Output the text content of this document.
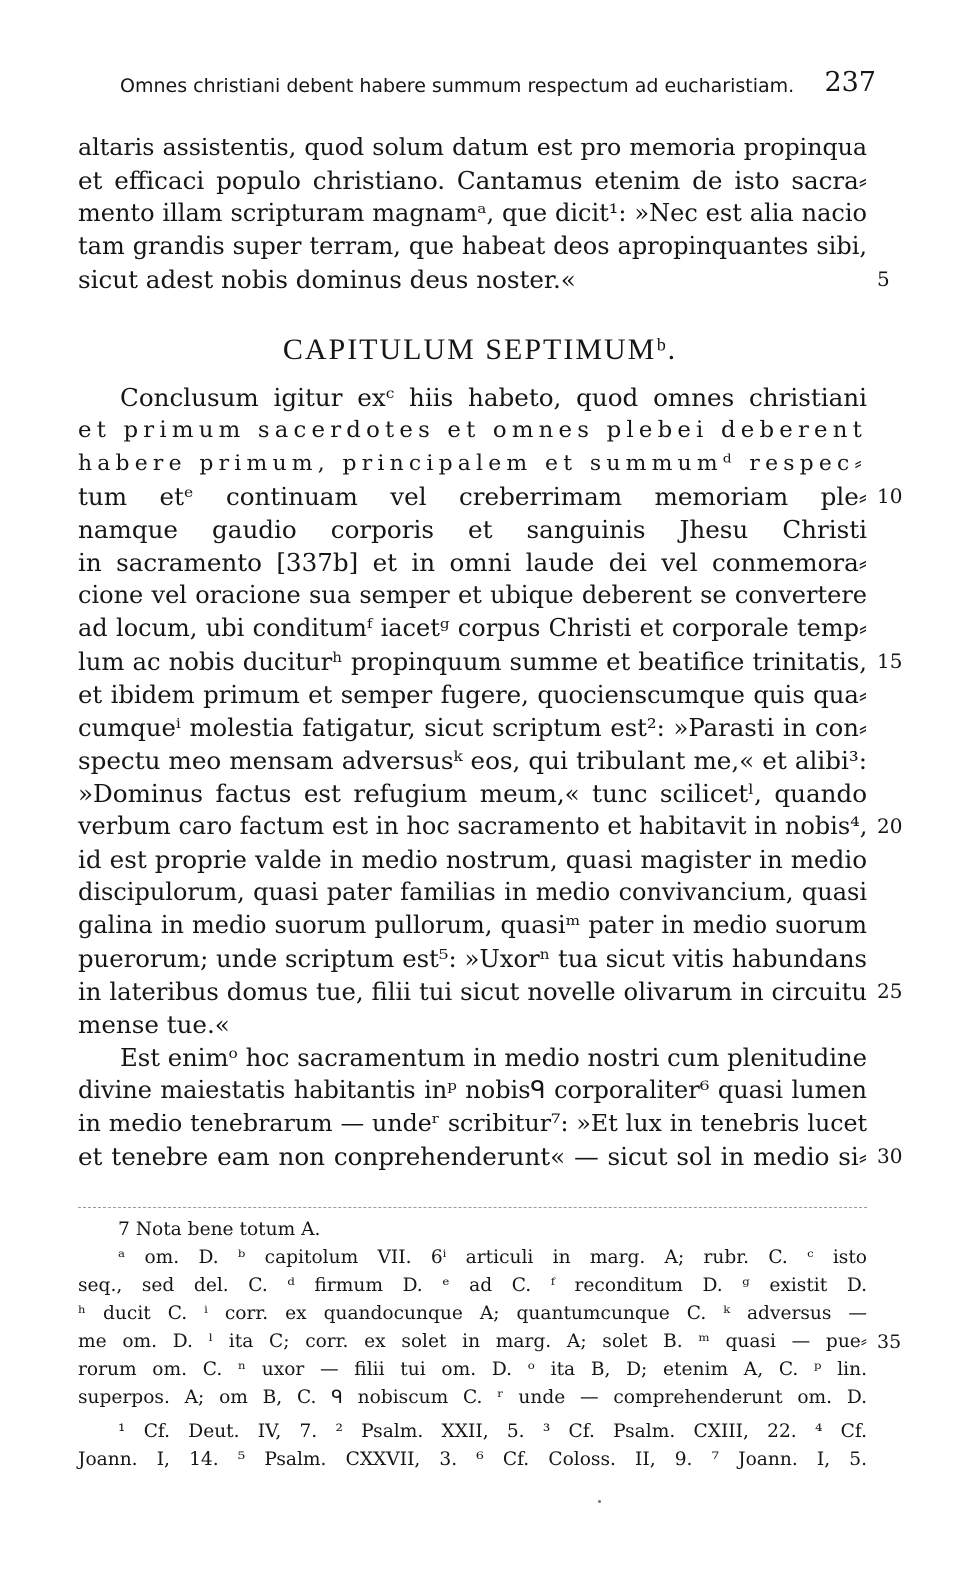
Omnes christiani debent habere summum respectum ad eucharistiam. 237
altaris assistentis, quod solum datum est pro memoria propinqua
et efficaci populo christiano. Cantamus etenim de isto sacra⸗
mento illam scripturam magnamᵃ, que dicit¹: »Nec est alia nacio
tam grandis super terram, que habeat deos apropinquantes sibi,
sicut adest nobis dominus deus noster.«	5
CAPITULUM SEPTIMUMᵇ.
Conclusum igitur exᶜ hiis habeto, quod omnes christiani
et primum sacerdotes et omnes plebei deberent
habere primum, principalem et summumᵈ respec⸗
tum etᵉ continuam vel creberrimam memoriam ple⸗ 10
namque gaudio corporis et sanguinis Jhesu Christi
in sacramento [337b] et in omni laude dei vel conmemora⸗
cione vel oracione sua semper et ubique deberent se convertere
ad locum, ubi conditumᶠ iacetᵍ corpus Christi et corporale temp⸗
lum ac nobis duciturʰ propinquum summe et beatifice trinitatis, 15
et ibidem primum et semper fugere, quocienscumque quis qua⸗
cumqueⁱ molestia fatigatur, sicut scriptum est²: »Parasti in con⸗
spectu meo mensam adversusᵏ eos, qui tribulant me,« et alibi³:
»Dominus factus est refugium meum,« tunc scilicetˡ, quando
verbum caro factum est in hoc sacramento et habitavit in nobis⁴, 20
id est proprie valde in medio nostrum, quasi magister in medio
discipulorum, quasi pater familias in medio convivancium, quasi
galina in medio suorum pullorum, quasiᵐ pater in medio suorum
puerorum; unde scriptum est⁵: »Uxorⁿ tua sicut vitis habundans
in lateribus domus tue, filii tui sicut novelle olivarum in circuitu 25
mense tue.«
Est enimᵒ hoc sacramentum in medio nostri cum plenitudine
divine maiestatis habitantis inᵖ nobisᑫ corporaliter⁶ quasi lumen
in medio tenebrarum — undeʳ scribitur⁷: »Et lux in tenebris lucet
et tenebre eam non conprehenderunt« — sicut sol in medio si⸗ 30
7 Nota bene totum A.
ᵃ om. D. ᵇ capitolum VII. 6ⁱ articuli in marg. A; rubr. C. ᶜ isto
seq., sed del. C. ᵈ firmum D. ᵉ ad C. ᶠ reconditum D. ᵍ existit D.
ʰ ducit C. ⁱ corr. ex quandocunque A; quantumcunque C. ᵏ adversus —
me om. D. ˡ ita C; corr. ex solet in marg. A; solet B. ᵐ quasi — pue⸗ 35
rorum om. C. ⁿ uxor — filii tui om. D. ᵒ ita B, D; etenim A, C. ᵖ lin.
superpos. A; om B, C. ᑫ nobiscum C. ʳ unde — comprehenderunt om. D.
¹ Cf. Deut. IV, 7. ² Psalm. XXII, 5. ³ Cf. Psalm. CXIII, 22. ⁴ Cf.
Joann. I, 14. ⁵ Psalm. CXXVII, 3. ⁶ Cf. Coloss. II, 9. ⁷ Joann. I, 5.
